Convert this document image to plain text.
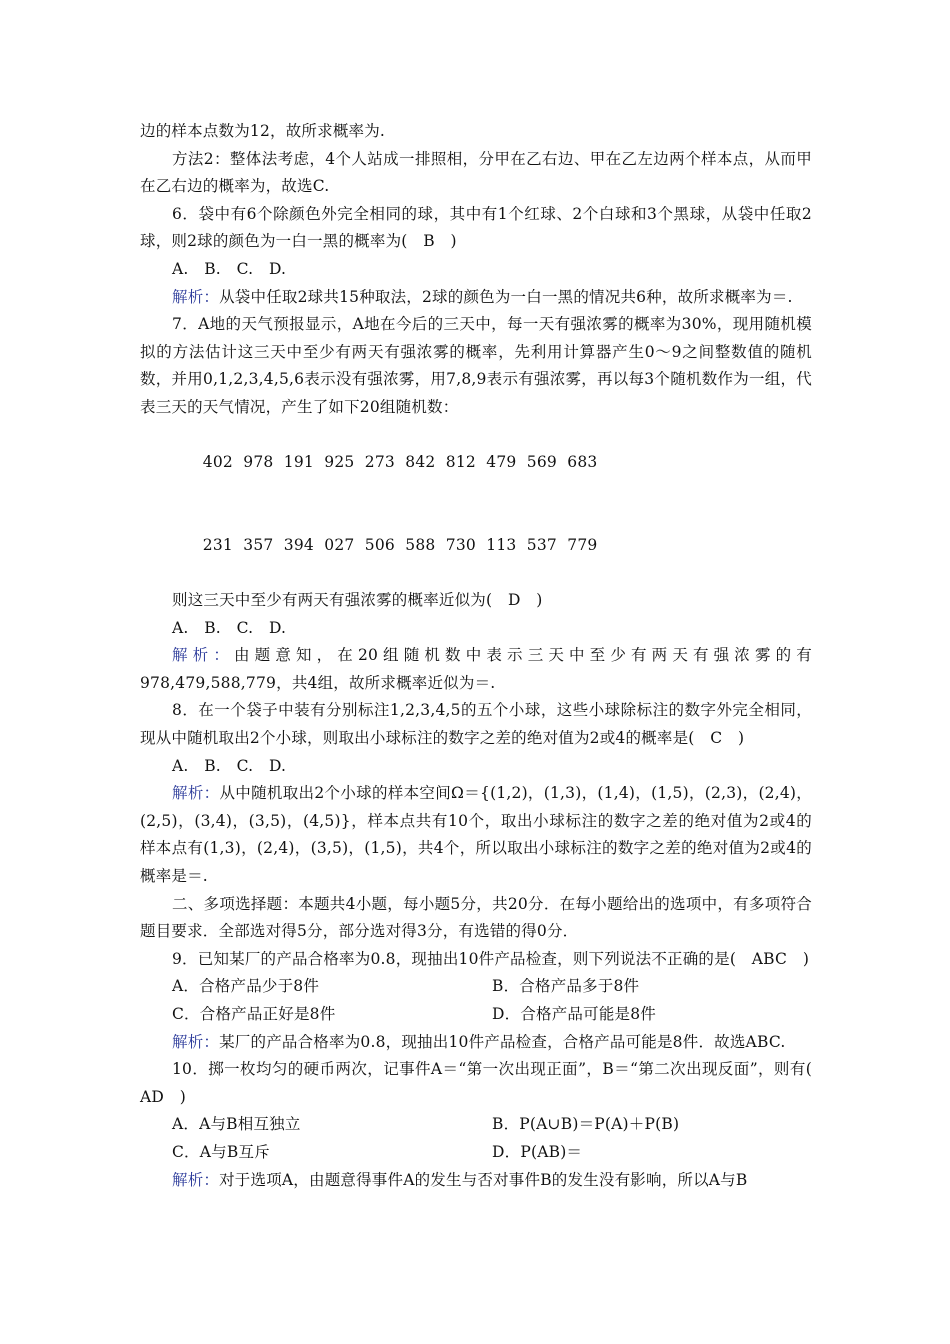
边的样本点数为12，故所求概率为.

方法2：整体法考虑，4个人站成一排照相，分甲在乙右边、甲在乙左边两个样本点，从而甲在乙右边的概率为，故选C.

6．袋中有6个除颜色外完全相同的球，其中有1个红球、2个白球和3个黑球，从袋中任取2球，则2球的颜色为一白一黑的概率为(　B　)

A.　B.　C.　D.

解析：从袋中任取2球共15种取法，2球的颜色为一白一黑的情况共6种，故所求概率为＝.

7．A地的天气预报显示，A地在今后的三天中，每一天有强浓雾的概率为30%，现用随机模拟的方法估计这三天中至少有两天有强浓雾的概率，先利用计算器产生0～9之间整数值的随机数，并用0,1,2,3,4,5,6表示没有强浓雾，用7,8,9表示有强浓雾，再以每3个随机数作为一组，代表三天的天气情况，产生了如下20组随机数：

402 978 191 925 273 842 812 479 569 683

231 357 394 027 506 588 730 113 537 779

则这三天中至少有两天有强浓雾的概率近似为(　D　)

A.　B.　C.　D.

解析：由题意知，在20组随机数中表示三天中至少有两天有强浓雾的有978,479,588,779，共4组，故所求概率近似为＝.

8．在一个袋子中装有分别标注1,2,3,4,5的五个小球，这些小球除标注的数字外完全相同，现从中随机取出2个小球，则取出小球标注的数字之差的绝对值为2或4的概率是(　C　)

A.　B.　C.　D.

解析：从中随机取出2个小球的样本空间Ω＝{(1,2)，(1,3)，(1,4)，(1,5)，(2,3)，(2,4)，(2,5)，(3,4)，(3,5)，(4,5)}，样本点共有10个，取出小球标注的数字之差的绝对值为2或4的样本点有(1,3)，(2,4)，(3,5)，(1,5)，共4个，所以取出小球标注的数字之差的绝对值为2或4的概率是＝.

二、多项选择题：本题共4小题，每小题5分，共20分．在每小题给出的选项中，有多项符合题目要求．全部选对得5分，部分选对得3分，有选错的得0分．

9．已知某厂的产品合格率为0.8，现抽出10件产品检查，则下列说法不正确的是(　ABC　)

A．合格产品少于8件	B．合格产品多于8件
C．合格产品正好是8件	D．合格产品可能是8件

解析：某厂的产品合格率为0.8，现抽出10件产品检查，合格产品可能是8件．故选ABC.

10．掷一枚均匀的硬币两次，记事件A＝“第一次出现正面”，B＝“第二次出现反面”，则有(　AD　)

A．A与B相互独立	B．P(A∪B)＝P(A)＋P(B)
C．A与B互斥	D．P(AB)＝

解析：对于选项A，由题意得事件A的发生与否对事件B的发生没有影响，所以A与B
